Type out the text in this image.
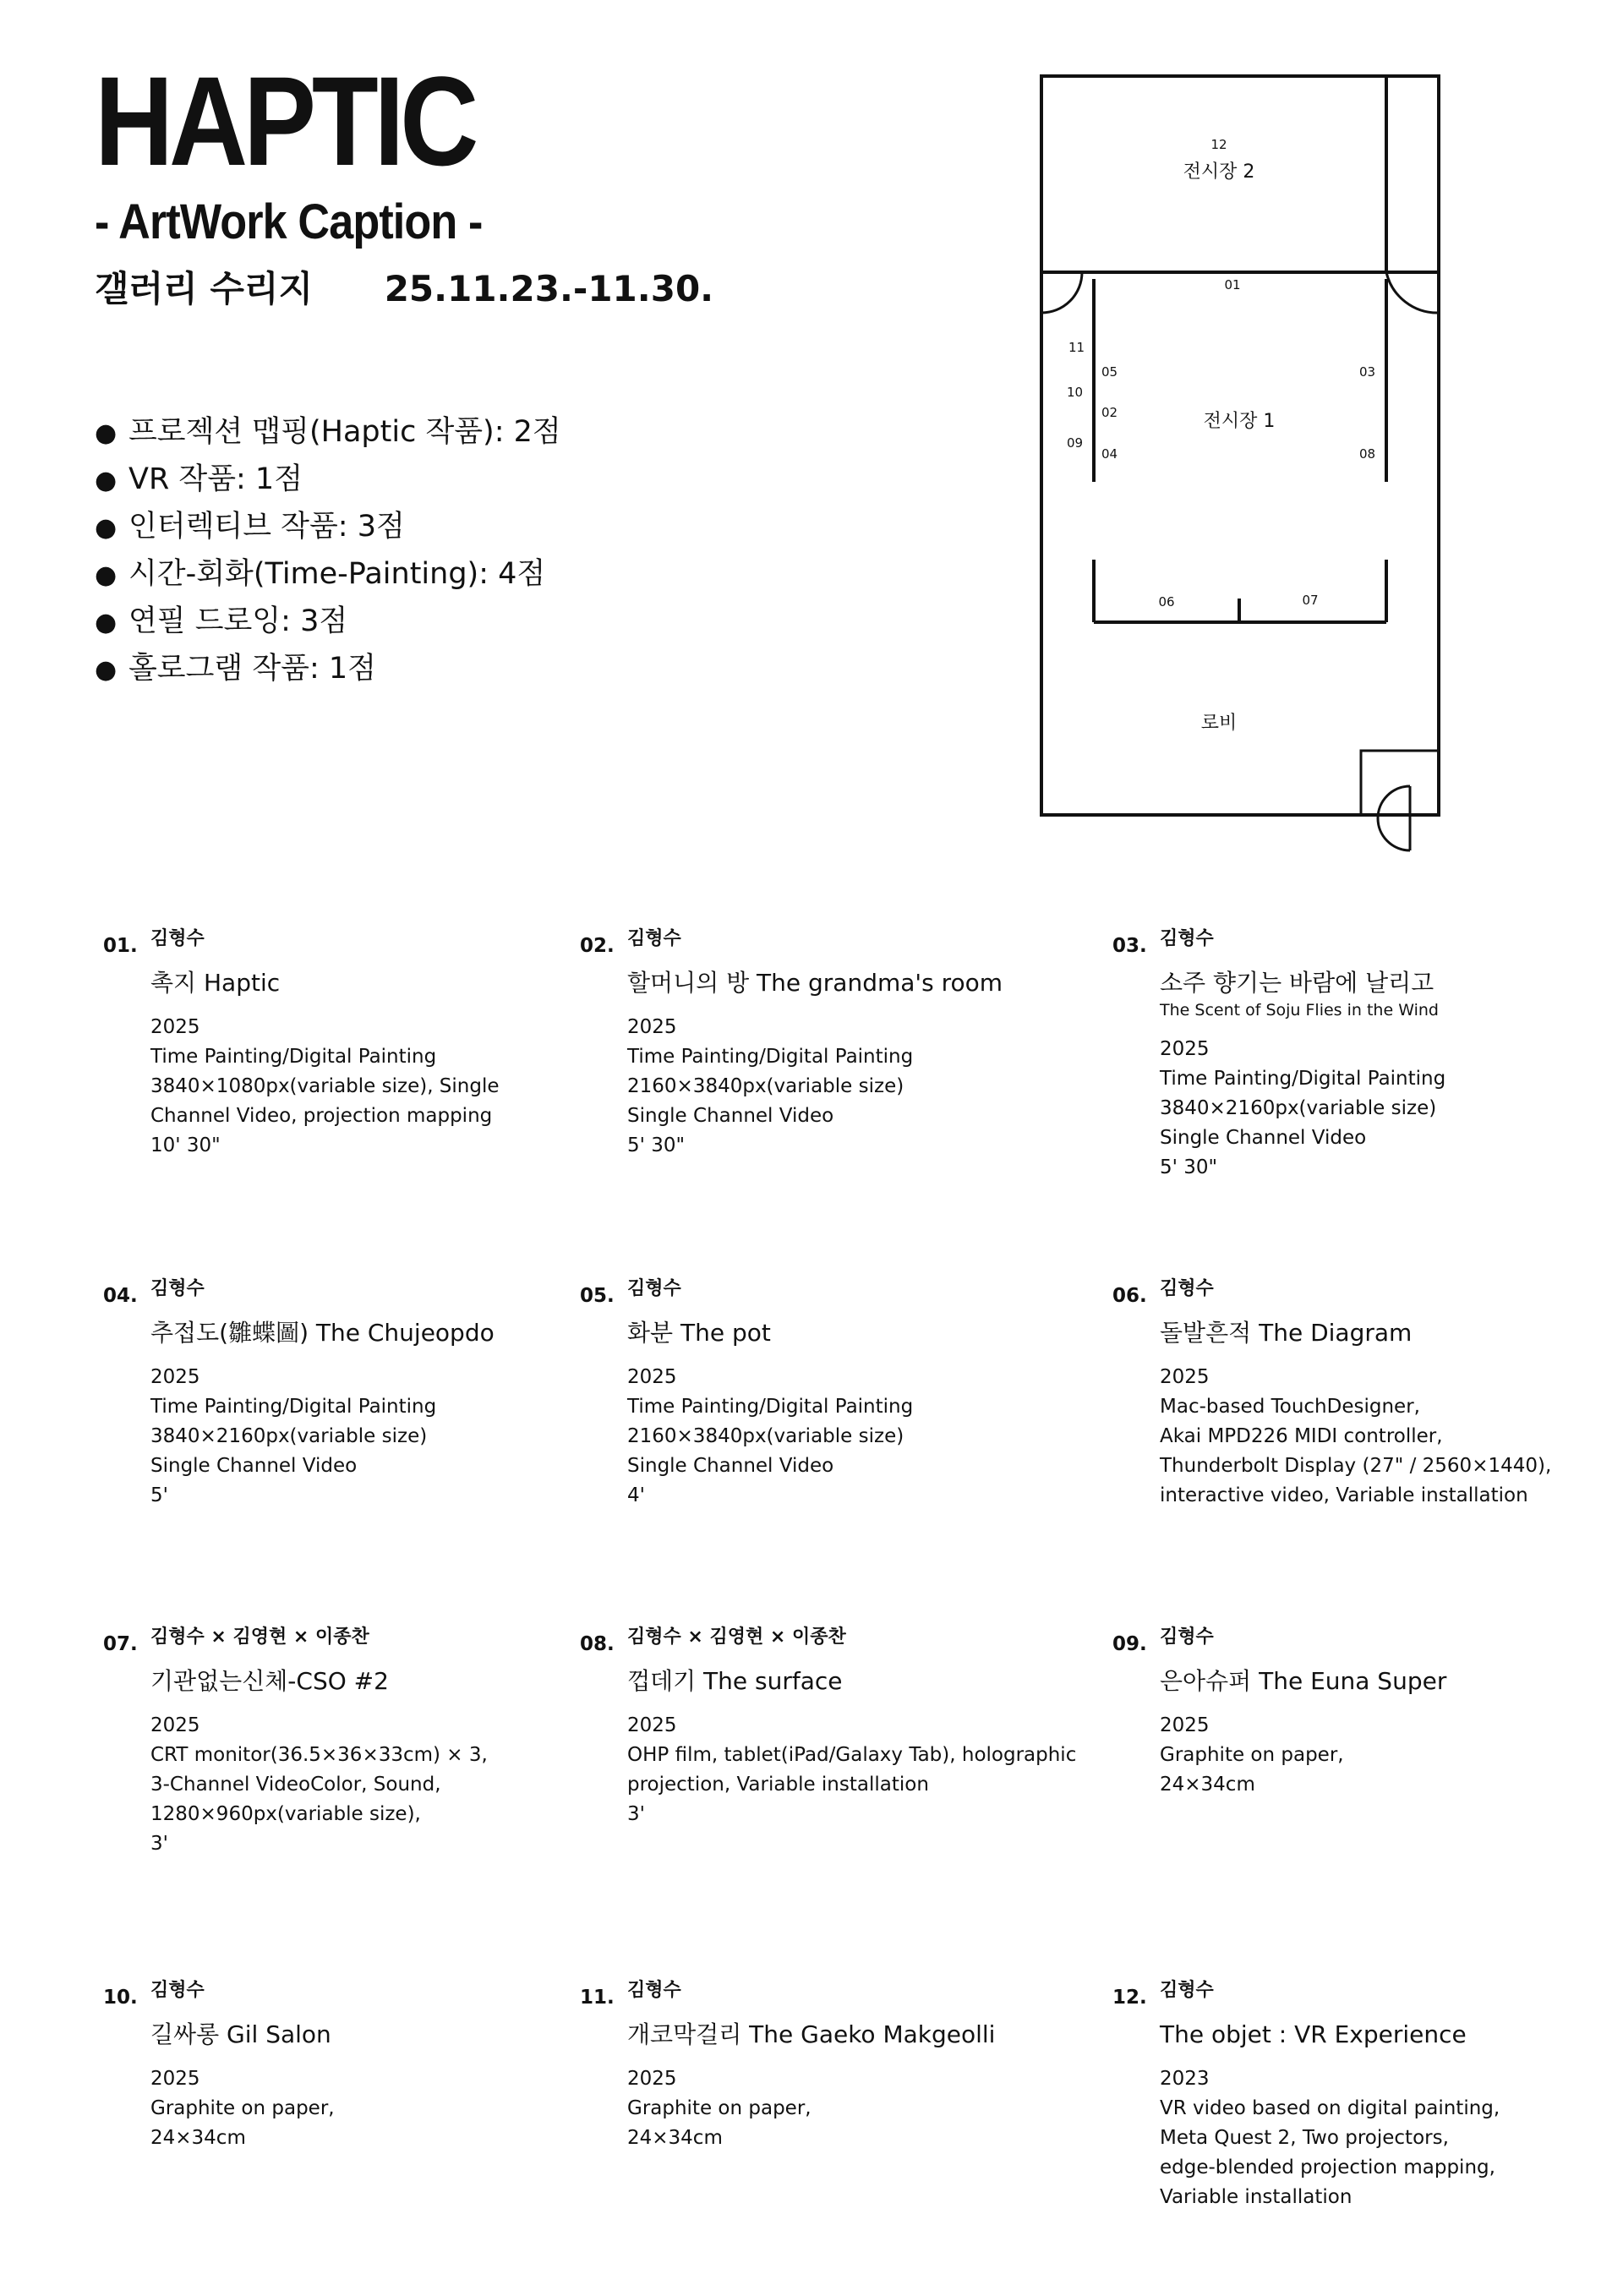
HAPTIC
- ArtWork Caption -
갤러리 수리지 25.11.23.-11.30.
● 프로젝션 맵핑(Haptic 작품): 2점
● VR 작품: 1점
● 인터렉티브 작품: 3점
● 시간-회화(Time-Painting): 4점
● 연필 드로잉: 3점
● 홀로그램 작품: 1점
전시장 2
전시장 1
로비
12
01
11
10
09
05
02
04
03
08
06	07
01. 김형수
촉지 Haptic
2025
Time Painting/Digital Painting
3840×1080px(variable size), Single
Channel Video, projection mapping
10' 30"
02. 김형수
할머니의 방 The grandma's room
2025
Time Painting/Digital Painting
2160×3840px(variable size)
Single Channel Video
5' 30"
03. 김형수
소주 향기는 바람에 날리고
The Scent of Soju Flies in the Wind
2025
Time Painting/Digital Painting
3840×2160px(variable size)
Single Channel Video
5' 30"
04. 김형수
추접도(雛蝶圖) The Chujeopdo
2025
Time Painting/Digital Painting
3840×2160px(variable size)
Single Channel Video
5'
05. 김형수
화분 The pot
2025
Time Painting/Digital Painting
2160×3840px(variable size)
Single Channel Video
4'
06. 김형수
돌발흔적 The Diagram
2025
Mac-based TouchDesigner,
Akai MPD226 MIDI controller,
Thunderbolt Display (27" / 2560×1440),
interactive video, Variable installation
07. 김형수 × 김영현 × 이종찬
기관없는신체-CSO #2
2025
CRT monitor(36.5×36×33cm) × 3,
3-Channel VideoColor, Sound,
1280×960px(variable size),
3'
08. 김형수 × 김영현 × 이종찬
껍데기 The surface
2025
OHP film, tablet(iPad/Galaxy Tab), holographic
projection, Variable installation
3'
09. 김형수
은아슈퍼 The Euna Super
2025
Graphite on paper,
24×34cm
10. 김형수
길싸롱 Gil Salon
2025
Graphite on paper,
24×34cm
11. 김형수
개코막걸리 The Gaeko Makgeolli
2025
Graphite on paper,
24×34cm
12. 김형수
The objet : VR Experience
2023
VR video based on digital painting,
Meta Quest 2, Two projectors,
edge-blended projection mapping,
Variable installation
